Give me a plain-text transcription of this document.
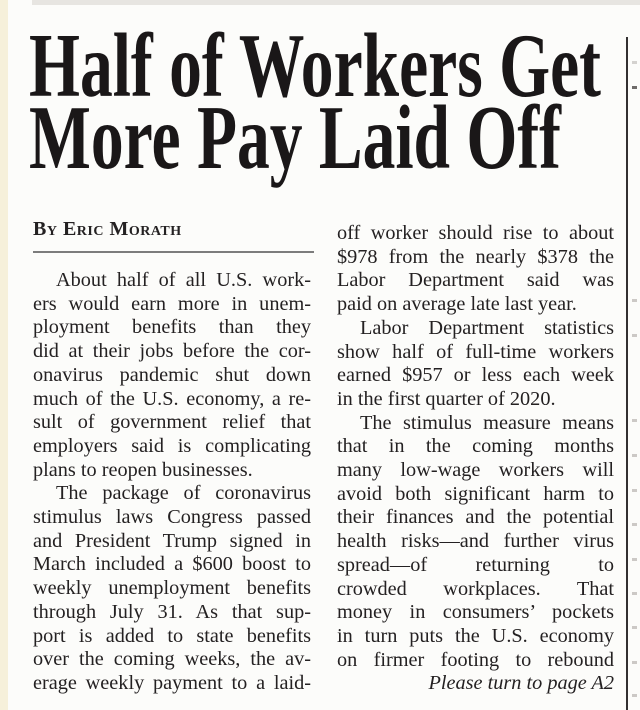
Half of Workers Get
More Pay Laid Off
By Eric Morath
About half of all U.S. work-
ers would earn more in unem-
ployment benefits than they
did at their jobs before the cor-
onavirus pandemic shut down
much of the U.S. economy, a re-
sult of government relief that
employers said is complicating
plans to reopen businesses.
The package of coronavirus
stimulus laws Congress passed
and President Trump signed in
March included a $600 boost to
weekly unemployment benefits
through July 31. As that sup-
port is added to state benefits
over the coming weeks, the av-
erage weekly payment to a laid-
off worker should rise to about
$978 from the nearly $378 the
Labor Department said was
paid on average late last year.
Labor Department statistics
show half of full-time workers
earned $957 or less each week
in the first quarter of 2020.
The stimulus measure means
that in the coming months
many low-wage workers will
avoid both significant harm to
their finances and the potential
health risks—and further virus
spread—of returning to
crowded workplaces. That
money in consumers’ pockets
in turn puts the U.S. economy
on firmer footing to rebound
Please turn to page A2
